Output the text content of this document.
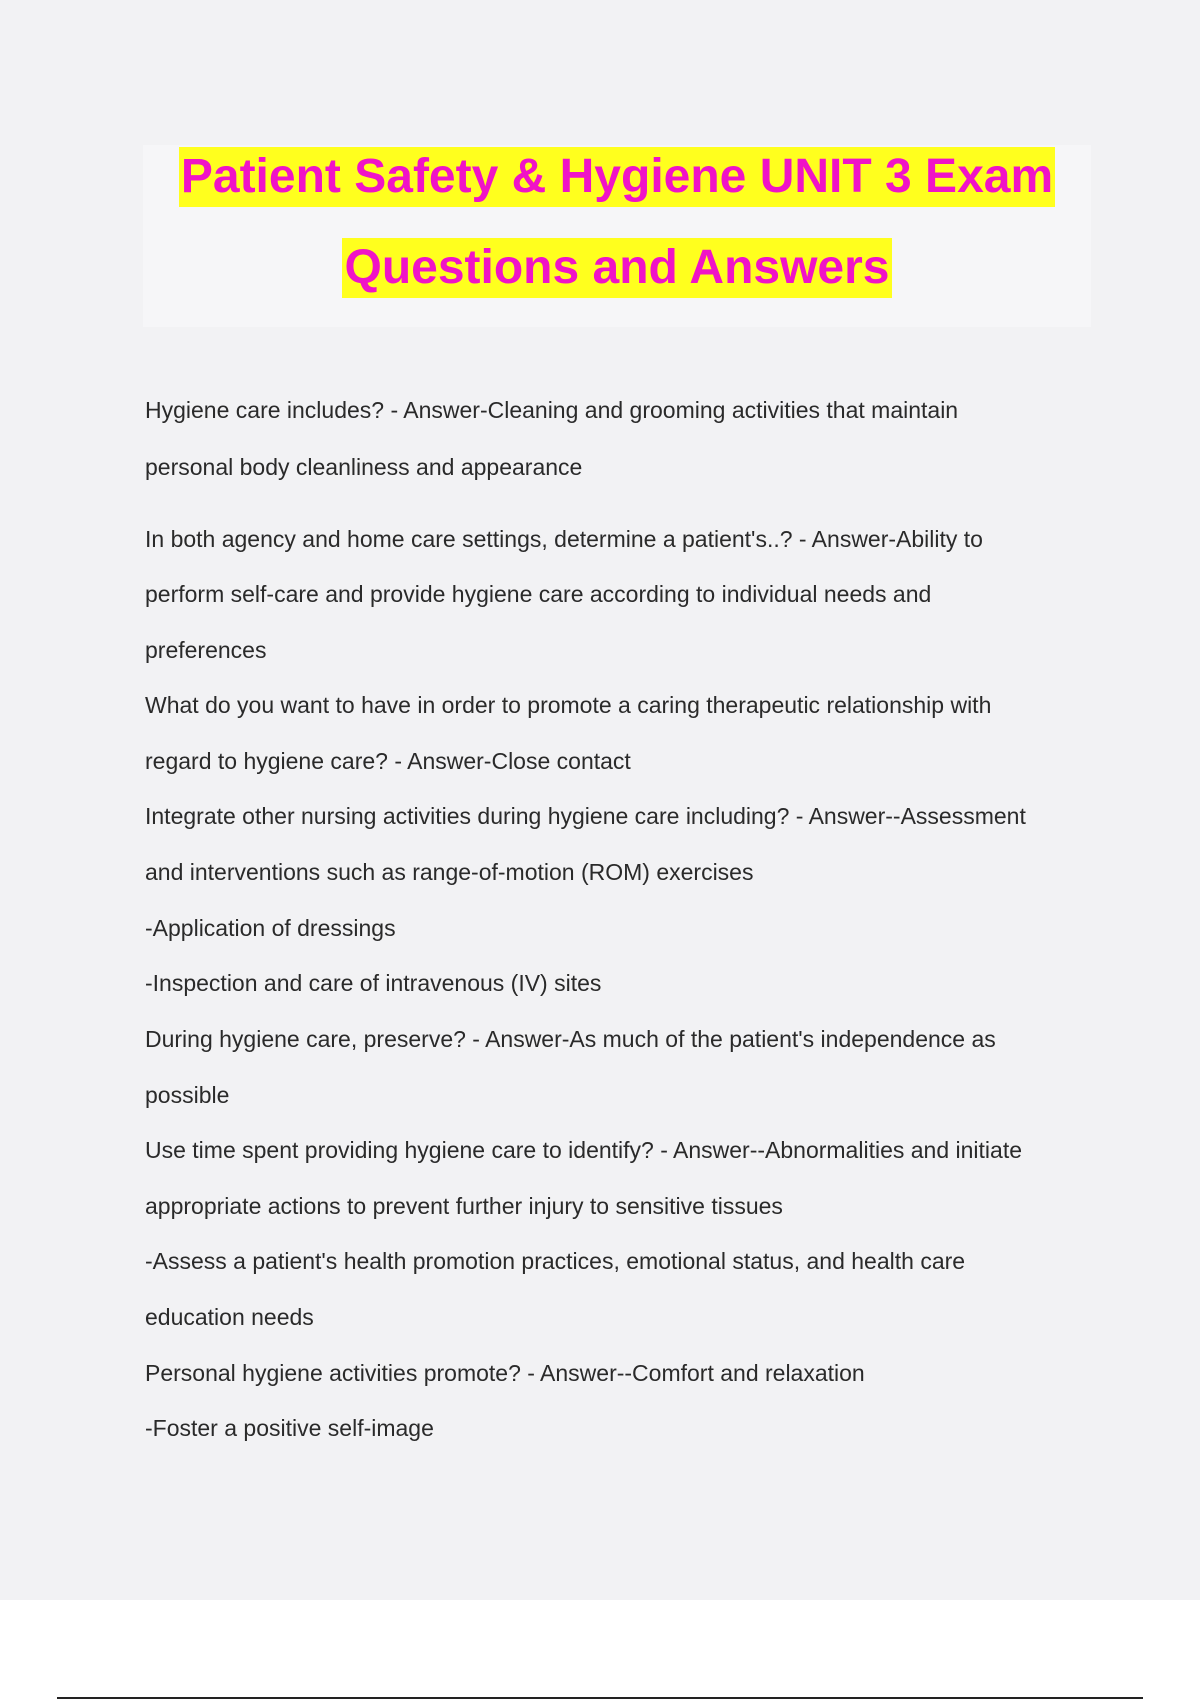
Patient Safety & Hygiene UNIT 3 Exam
Questions and Answers
Hygiene care includes? - Answer-Cleaning and grooming activities that maintain
personal body cleanliness and appearance
In both agency and home care settings, determine a patient's..? - Answer-Ability to
perform self-care and provide hygiene care according to individual needs and
preferences
What do you want to have in order to promote a caring therapeutic relationship with
regard to hygiene care? - Answer-Close contact
Integrate other nursing activities during hygiene care including? - Answer--Assessment
and interventions such as range-of-motion (ROM) exercises
-Application of dressings
-Inspection and care of intravenous (IV) sites
During hygiene care, preserve? - Answer-As much of the patient's independence as
possible
Use time spent providing hygiene care to identify? - Answer--Abnormalities and initiate
appropriate actions to prevent further injury to sensitive tissues
-Assess a patient's health promotion practices, emotional status, and health care
education needs
Personal hygiene activities promote? - Answer--Comfort and relaxation
-Foster a positive self-image
